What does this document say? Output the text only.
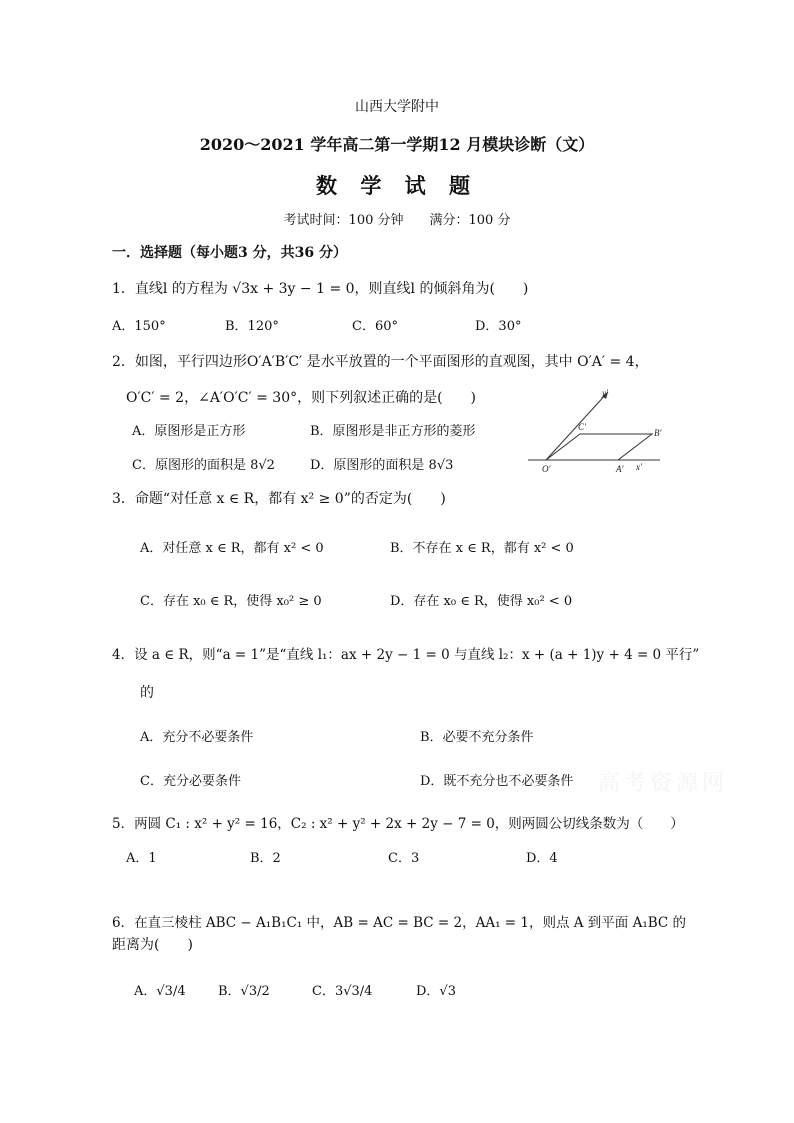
山西大学附中
2020～2021 学年高二第一学期12 月模块诊断（文）
数 学 试 题
考试时间：100 分钟　　满分：100 分
一．选择题（每小题3 分，共36 分）
1．直线l 的方程为 √3x + 3y − 1 = 0，则直线l 的倾斜角为(　　)
A．150°	B．120°	C．60°	D．30°
2．如图，平行四边形O′A′B′C′ 是水平放置的一个平面图形的直观图，其中 O′A′ = 4，
O′C′ = 2，∠A′O′C′ = 30°，则下列叙述正确的是(　　)
A．原图形是正方形	B．原图形是非正方形的菱形
C．原图形的面积是 8√2	D．原图形的面积是 8√3
y′
C′
B′
O′	A′ x′
3．命题“对任意 x ∈ R，都有 x² ≥ 0”的否定为(　　)
A．对任意 x ∈ R，都有 x² < 0	B．不存在 x ∈ R，都有 x² < 0
C．存在 x₀ ∈ R，使得 x₀² ≥ 0	D．存在 x₀ ∈ R，使得 x₀² < 0
4．设 a ∈ R，则“a = 1”是“直线 l₁：ax + 2y − 1 = 0 与直线 l₂：x + (a + 1)y + 4 = 0 平行”
的
A．充分不必要条件	B．必要不充分条件
C．充分必要条件	D．既不充分也不必要条件 高考资源网
5．两圆 C₁ : x² + y² = 16，C₂ : x² + y² + 2x + 2y − 7 = 0，则两圆公切线条数为（　　）
A．1	B．2	C．3	D．4
6．在直三棱柱 ABC − A₁B₁C₁ 中，AB = AC = BC = 2，AA₁ = 1，则点 A 到平面 A₁BC 的
距离为(　　)
A．√3/4 B．√3/2	C．3√3/4	D．√3
